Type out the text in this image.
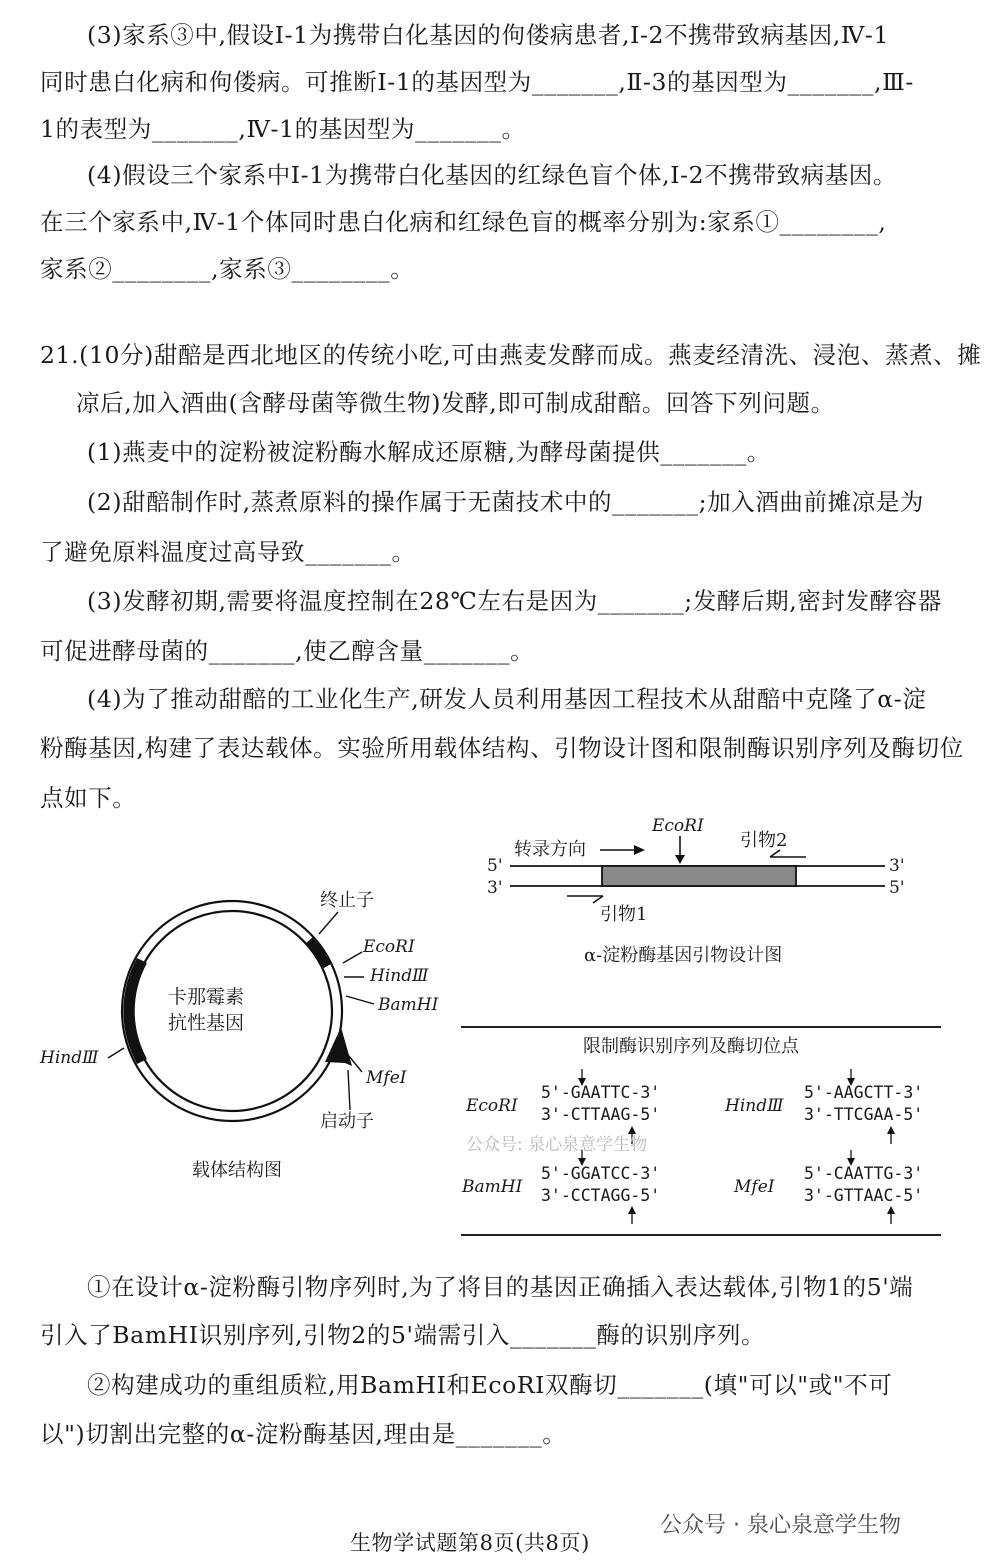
(3)家系③中,假设Ⅰ-1为携带白化基因的佝偻病患者,Ⅰ-2不携带致病基因,Ⅳ-1
同时患白化病和佝偻病。可推断Ⅰ-1的基因型为_______,Ⅱ-3的基因型为_______,Ⅲ-
1的表型为_______,Ⅳ-1的基因型为_______。
(4)假设三个家系中Ⅰ-1为携带白化基因的红绿色盲个体,Ⅰ-2不携带致病基因。
在三个家系中,Ⅳ-1个体同时患白化病和红绿色盲的概率分别为:家系①________,
家系②________,家系③________。
21.(10分)甜醅是西北地区的传统小吃,可由燕麦发酵而成。燕麦经清洗、浸泡、蒸煮、摊
凉后,加入酒曲(含酵母菌等微生物)发酵,即可制成甜醅。回答下列问题。
(1)燕麦中的淀粉被淀粉酶水解成还原糖,为酵母菌提供_______。
(2)甜醅制作时,蒸煮原料的操作属于无菌技术中的_______;加入酒曲前摊凉是为
了避免原料温度过高导致_______。
(3)发酵初期,需要将温度控制在28℃左右是因为_______;发酵后期,密封发酵容器
可促进酵母菌的_______,使乙醇含量_______。
(4)为了推动甜醅的工业化生产,研发人员利用基因工程技术从甜醅中克隆了α-淀
粉酶基因,构建了表达载体。实验所用载体结构、引物设计图和限制酶识别序列及酶切位
点如下。
终止子
EcoRⅠ
HindⅢ
BamHⅠ
卡那霉素
抗性基因
HindⅢ
MfeⅠ
启动子
载体结构图
5'
3'
3'
5'
转录方向
EcoRⅠ
引物2
引物1
α-淀粉酶基因引物设计图
限制酶识别序列及酶切位点
EcoRⅠ
5'-GAATTC-3'
3'-CTTAAG-5'	HindⅢ
5'-AAGCTT-3'
3'-TTCGAA-5'
BamHⅠ
5'-GGATCC-3'
3'-CCTAGG-5'	MfeⅠ
5'-CAATTG-3'
3'-GTTAAC-5'
公众号: 泉心泉意学生物
①在设计α-淀粉酶引物序列时,为了将目的基因正确插入表达载体,引物1的5'端
引入了BamHⅠ识别序列,引物2的5'端需引入_______酶的识别序列。
②构建成功的重组质粒,用BamHⅠ和EcoRⅠ双酶切_______(填"可以"或"不可
以")切割出完整的α-淀粉酶基因,理由是_______。
公众号 · 泉心泉意学生物
生物学试题第8页(共8页)
